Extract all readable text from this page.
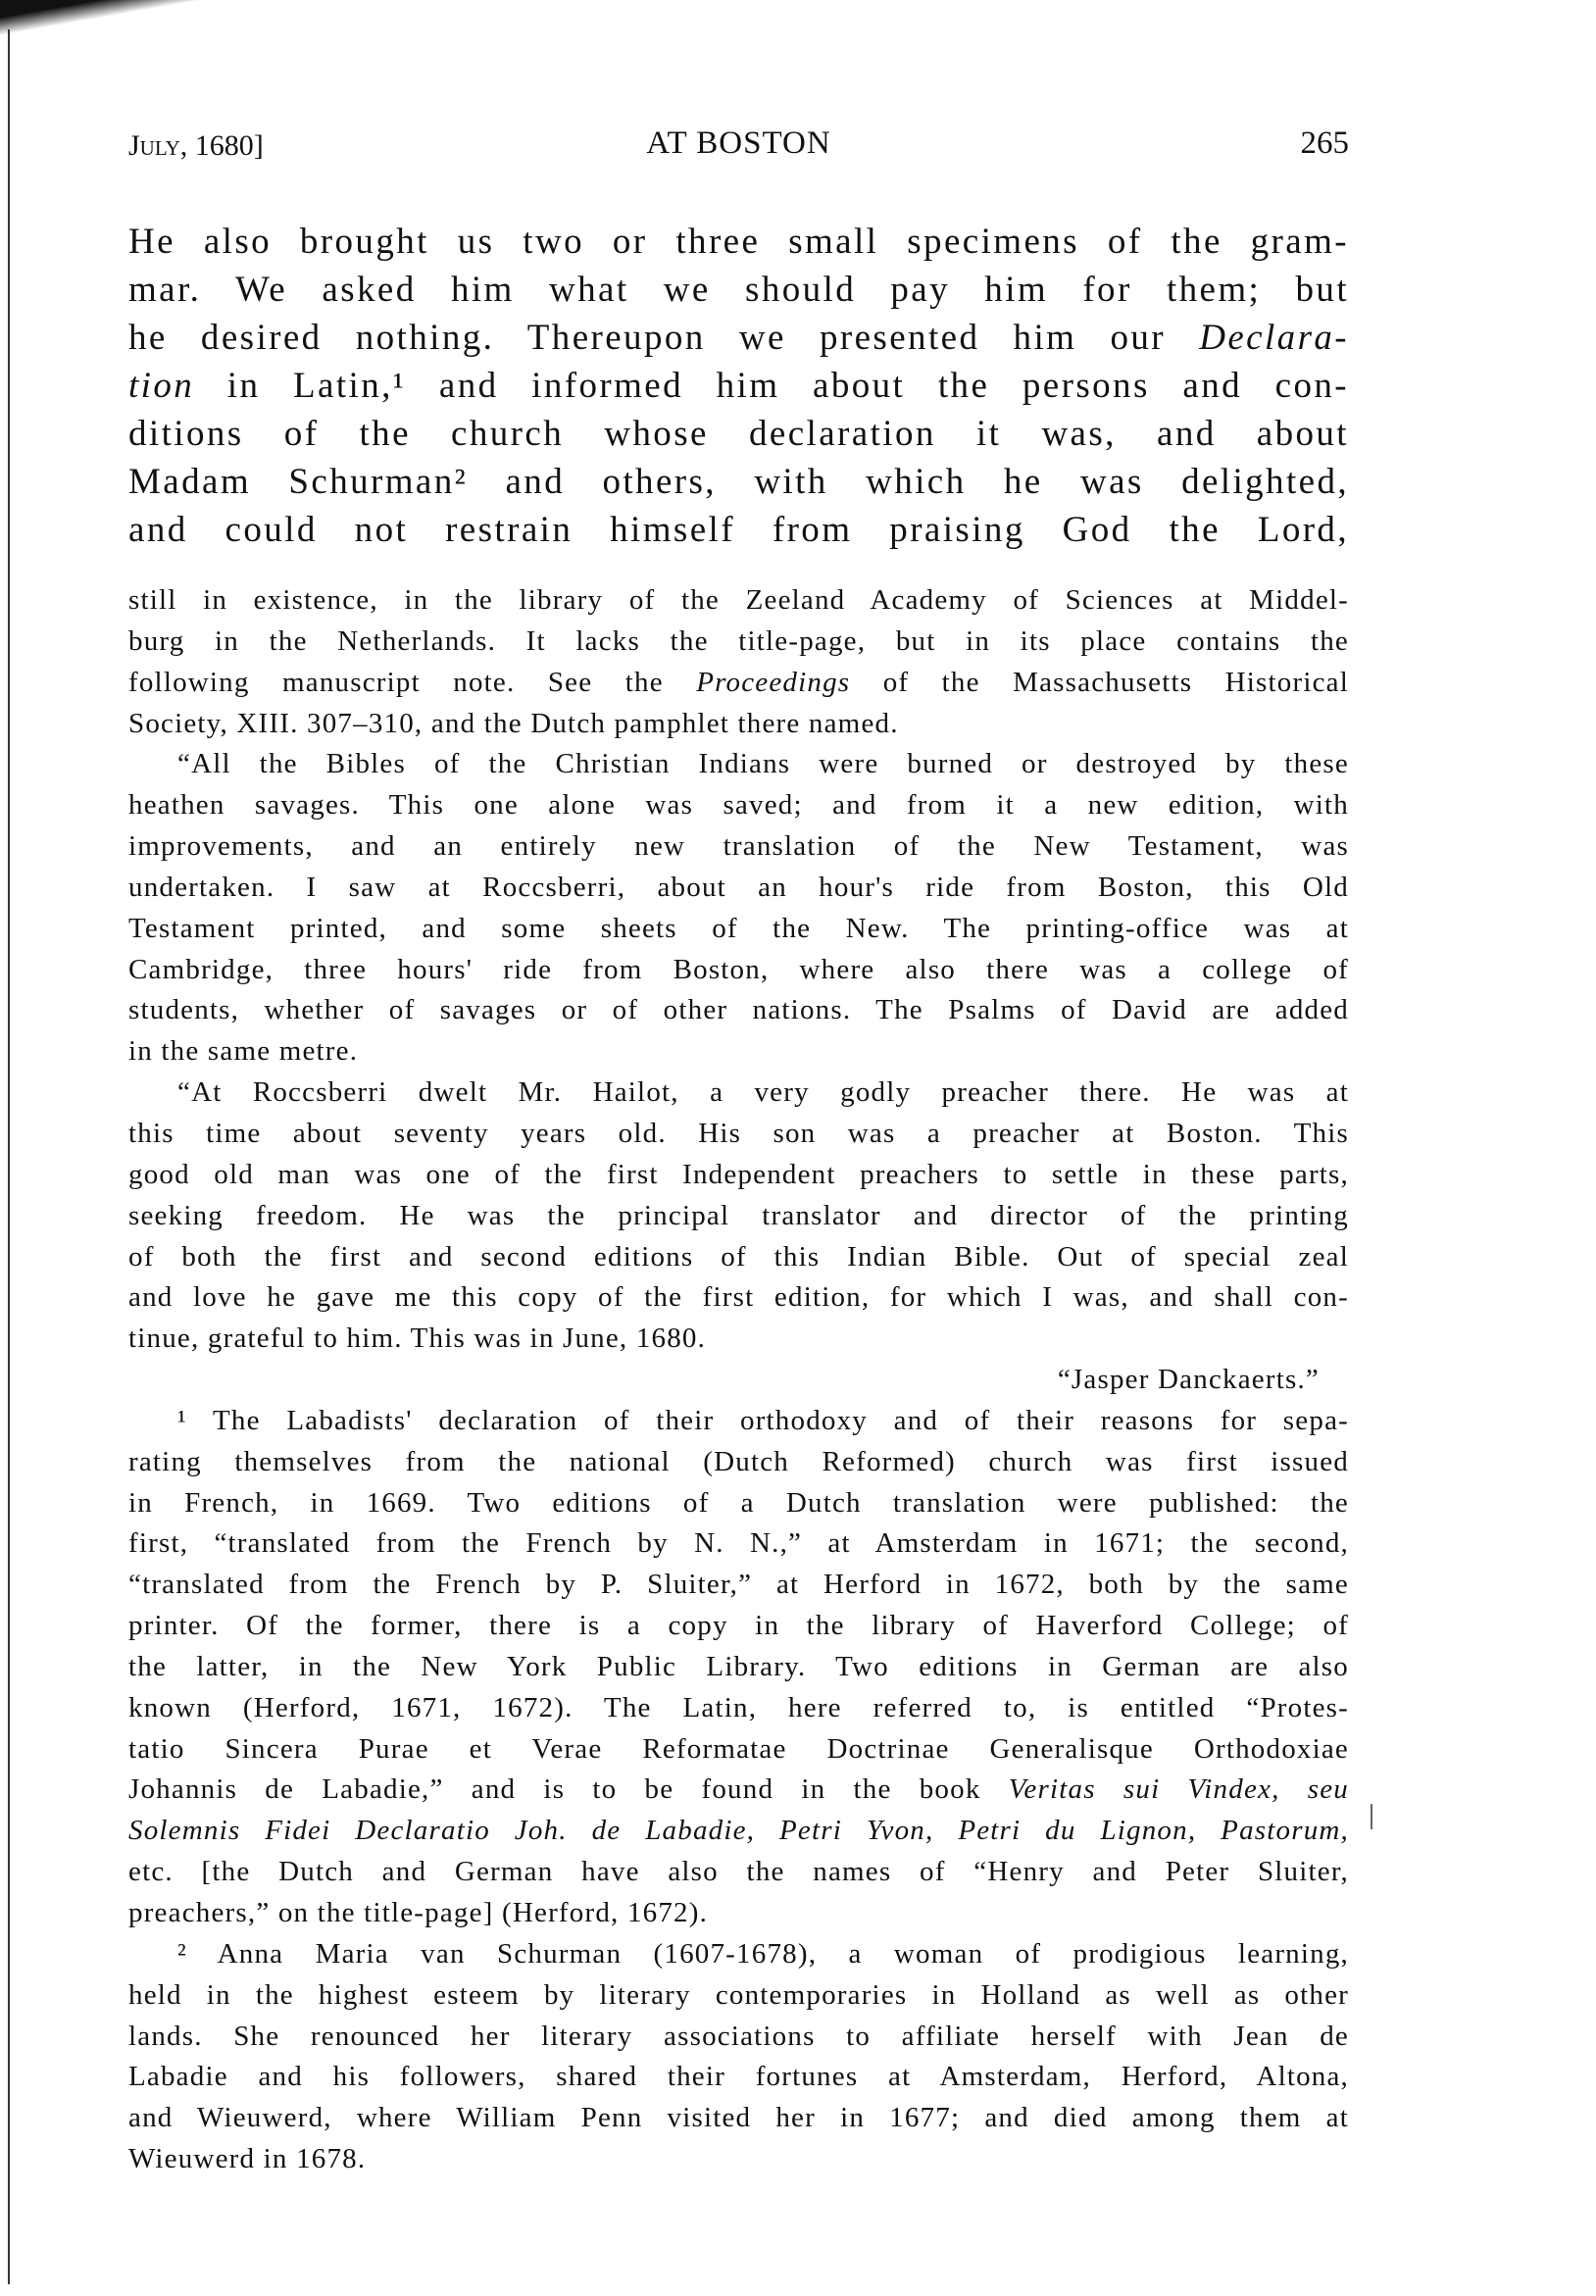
July, 1680]	AT BOSTON	265
He also brought us two or three small specimens of the gram-
mar. We asked him what we should pay him for them; but
he desired nothing. Thereupon we presented him our Declara-
tion in Latin,¹ and informed him about the persons and con-
ditions of the church whose declaration it was, and about
Madam Schurman² and others, with which he was delighted,
and could not restrain himself from praising God the Lord,
still in existence, in the library of the Zeeland Academy of Sciences at Middel-
burg in the Netherlands. It lacks the title-page, but in its place contains the
following manuscript note. See the Proceedings of the Massachusetts Historical
Society, XIII. 307–310, and the Dutch pamphlet there named.
“All the Bibles of the Christian Indians were burned or destroyed by these
heathen savages. This one alone was saved; and from it a new edition, with
improvements, and an entirely new translation of the New Testament, was
undertaken. I saw at Roccsberri, about an hour's ride from Boston, this Old
Testament printed, and some sheets of the New. The printing-office was at
Cambridge, three hours' ride from Boston, where also there was a college of
students, whether of savages or of other nations. The Psalms of David are added
in the same metre.
“At Roccsberri dwelt Mr. Hailot, a very godly preacher there. He was at
this time about seventy years old. His son was a preacher at Boston. This
good old man was one of the first Independent preachers to settle in these parts,
seeking freedom. He was the principal translator and director of the printing
of both the first and second editions of this Indian Bible. Out of special zeal
and love he gave me this copy of the first edition, for which I was, and shall con-
tinue, grateful to him. This was in June, 1680.
“Jasper Danckaerts.”
¹ The Labadists' declaration of their orthodoxy and of their reasons for sepa-
rating themselves from the national (Dutch Reformed) church was first issued
in French, in 1669. Two editions of a Dutch translation were published: the
first, “translated from the French by N. N.,” at Amsterdam in 1671; the second,
“translated from the French by P. Sluiter,” at Herford in 1672, both by the same
printer. Of the former, there is a copy in the library of Haverford College; of
the latter, in the New York Public Library. Two editions in German are also
known (Herford, 1671, 1672). The Latin, here referred to, is entitled “Protes-
tatio Sincera Purae et Verae Reformatae Doctrinae Generalisque Orthodoxiae
Johannis de Labadie,” and is to be found in the book Veritas sui Vindex, seu
Solemnis Fidei Declaratio Joh. de Labadie, Petri Yvon, Petri du Lignon, Pastorum,
etc. [the Dutch and German have also the names of “Henry and Peter Sluiter,
preachers,” on the title-page] (Herford, 1672).
² Anna Maria van Schurman (1607-1678), a woman of prodigious learning,
held in the highest esteem by literary contemporaries in Holland as well as other
lands. She renounced her literary associations to affiliate herself with Jean de
Labadie and his followers, shared their fortunes at Amsterdam, Herford, Altona,
and Wieuwerd, where William Penn visited her in 1677; and died among them at
Wieuwerd in 1678.
